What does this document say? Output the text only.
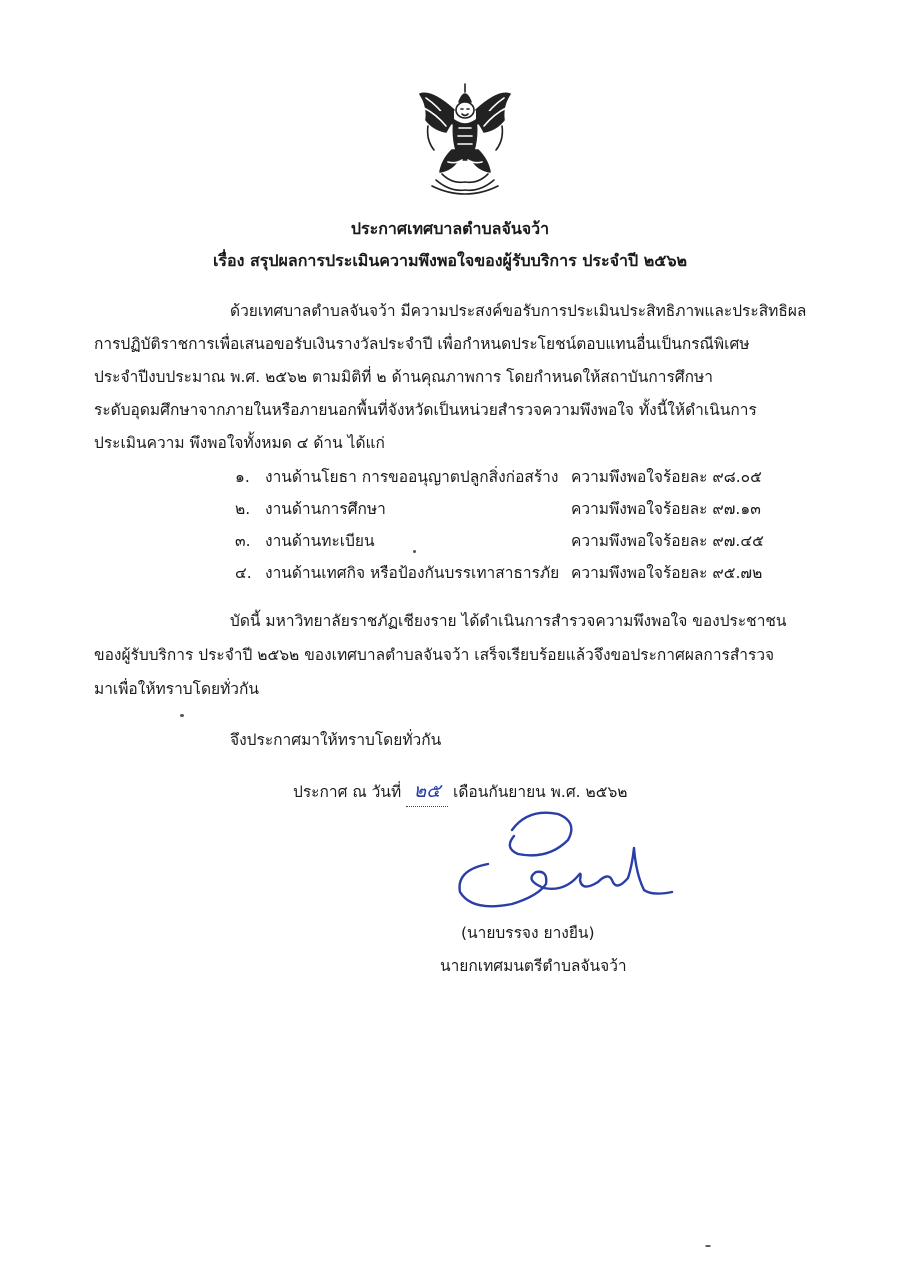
ประกาศเทศบาลตำบลจันจว้า
เรื่อง สรุปผลการประเมินความพึงพอใจของผู้รับบริการ ประจำปี ๒๕๖๒
ด้วยเทศบาลตำบลจันจว้า มีความประสงค์ขอรับการประเมินประสิทธิภาพและประสิทธิผล
การปฏิบัติราชการเพื่อเสนอขอรับเงินรางวัลประจำปี เพื่อกำหนดประโยชน์ตอบแทนอื่นเป็นกรณีพิเศษ
ประจำปีงบประมาณ พ.ศ. ๒๕๖๒ ตามมิติที่ ๒ ด้านคุณภาพการ โดยกำหนดให้สถาบันการศึกษา
ระดับอุดมศึกษาจากภายในหรือภายนอกพื้นที่จังหวัดเป็นหน่วยสำรวจความพึงพอใจ ทั้งนี้ให้ดำเนินการ
ประเมินความ พึงพอใจทั้งหมด ๔ ด้าน ได้แก่
๑. งานด้านโยธา การขออนุญาตปลูกสิ่งก่อสร้าง ความพึงพอใจร้อยละ ๙๘.๐๕
๒. งานด้านการศึกษา	ความพึงพอใจร้อยละ ๙๗.๑๓
๓. งานด้านทะเบียน	ความพึงพอใจร้อยละ ๙๗.๔๕
๔. งานด้านเทศกิจ หรือป้องกันบรรเทาสาธารภัย ความพึงพอใจร้อยละ ๙๕.๗๒
บัดนี้ มหาวิทยาลัยราชภัฏเชียงราย ได้ดำเนินการสำรวจความพึงพอใจ ของประชาชน
ของผู้รับบริการ ประจำปี ๒๕๖๒ ของเทศบาลตำบลจันจว้า เสร็จเรียบร้อยแล้วจึงขอประกาศผลการสำรวจ
มาเพื่อให้ทราบโดยทั่วกัน
จึงประกาศมาให้ทราบโดยทั่วกัน
ประกาศ ณ วันที่ ๒๕ เดือนกันยายน พ.ศ. ๒๕๖๒
(นายบรรจง ยางยืน)
นายกเทศมนตรีตำบลจันจว้า
